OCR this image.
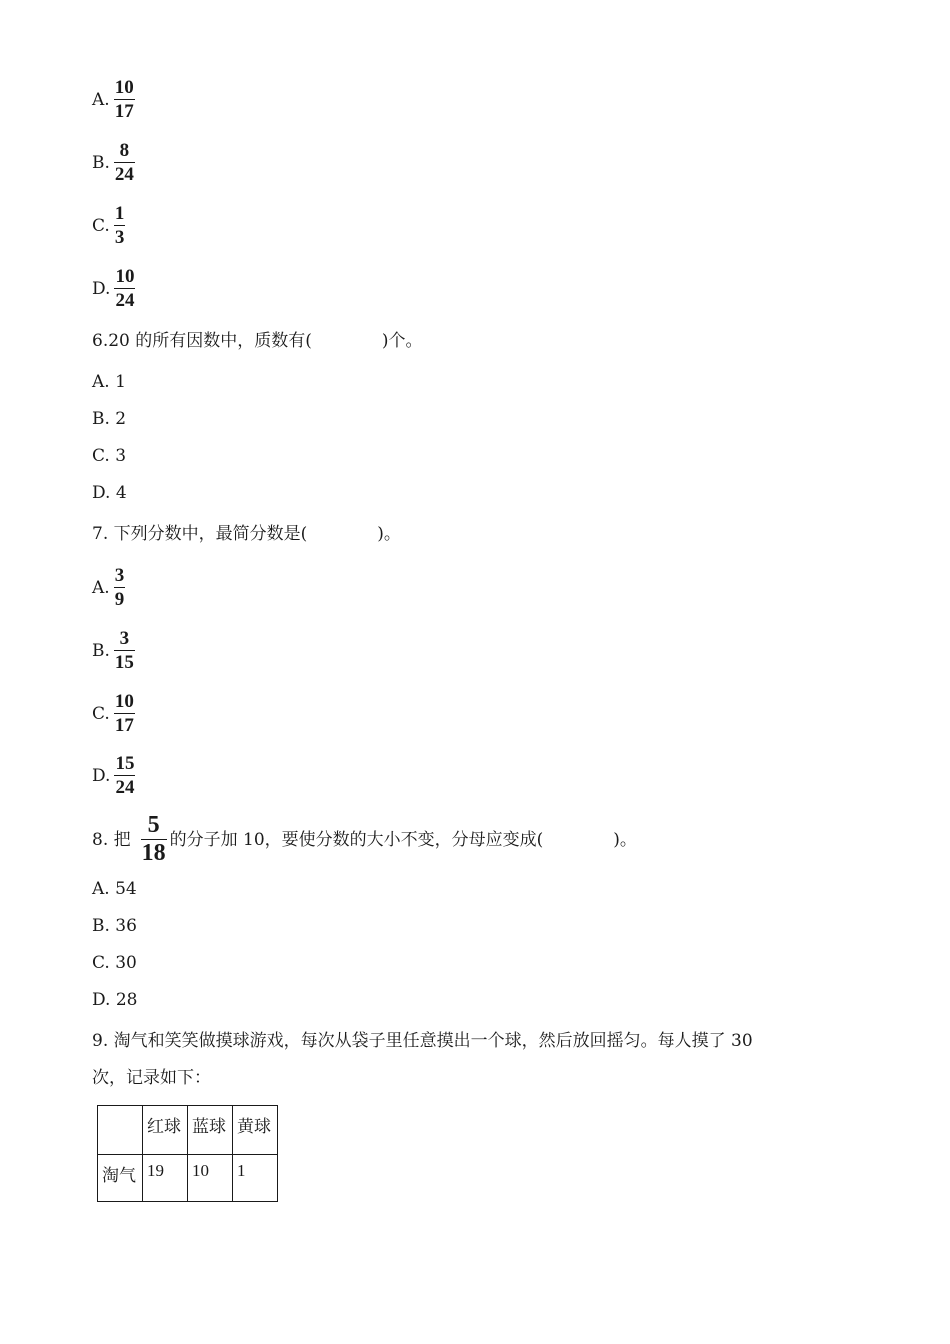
A. $\frac{10}{17}$
B. $\frac{8}{24}$
C. $\frac{1}{3}$
D. $\frac{10}{24}$
6.20 的所有因数中，质数有(	)个。
A. 1
B. 2
C. 3
D. 4
7. 下列分数中，最简分数是(	)。
A. $\frac{3}{9}$
B. $\frac{3}{15}$
C. $\frac{10}{17}$
D. $\frac{15}{24}$
8. 把 $\frac{5}{18}$ 的分子加 10，要使分数的大小不变，分母应变成(	)。
A. 54
B. 36
C. 30
D. 28
9. 淘气和笑笑做摸球游戏，每次从袋子里任意摸出一个球，然后放回摇匀。每人摸了 30
次，记录如下：
	红球	蓝球	黄球
淘气	19	10	1
